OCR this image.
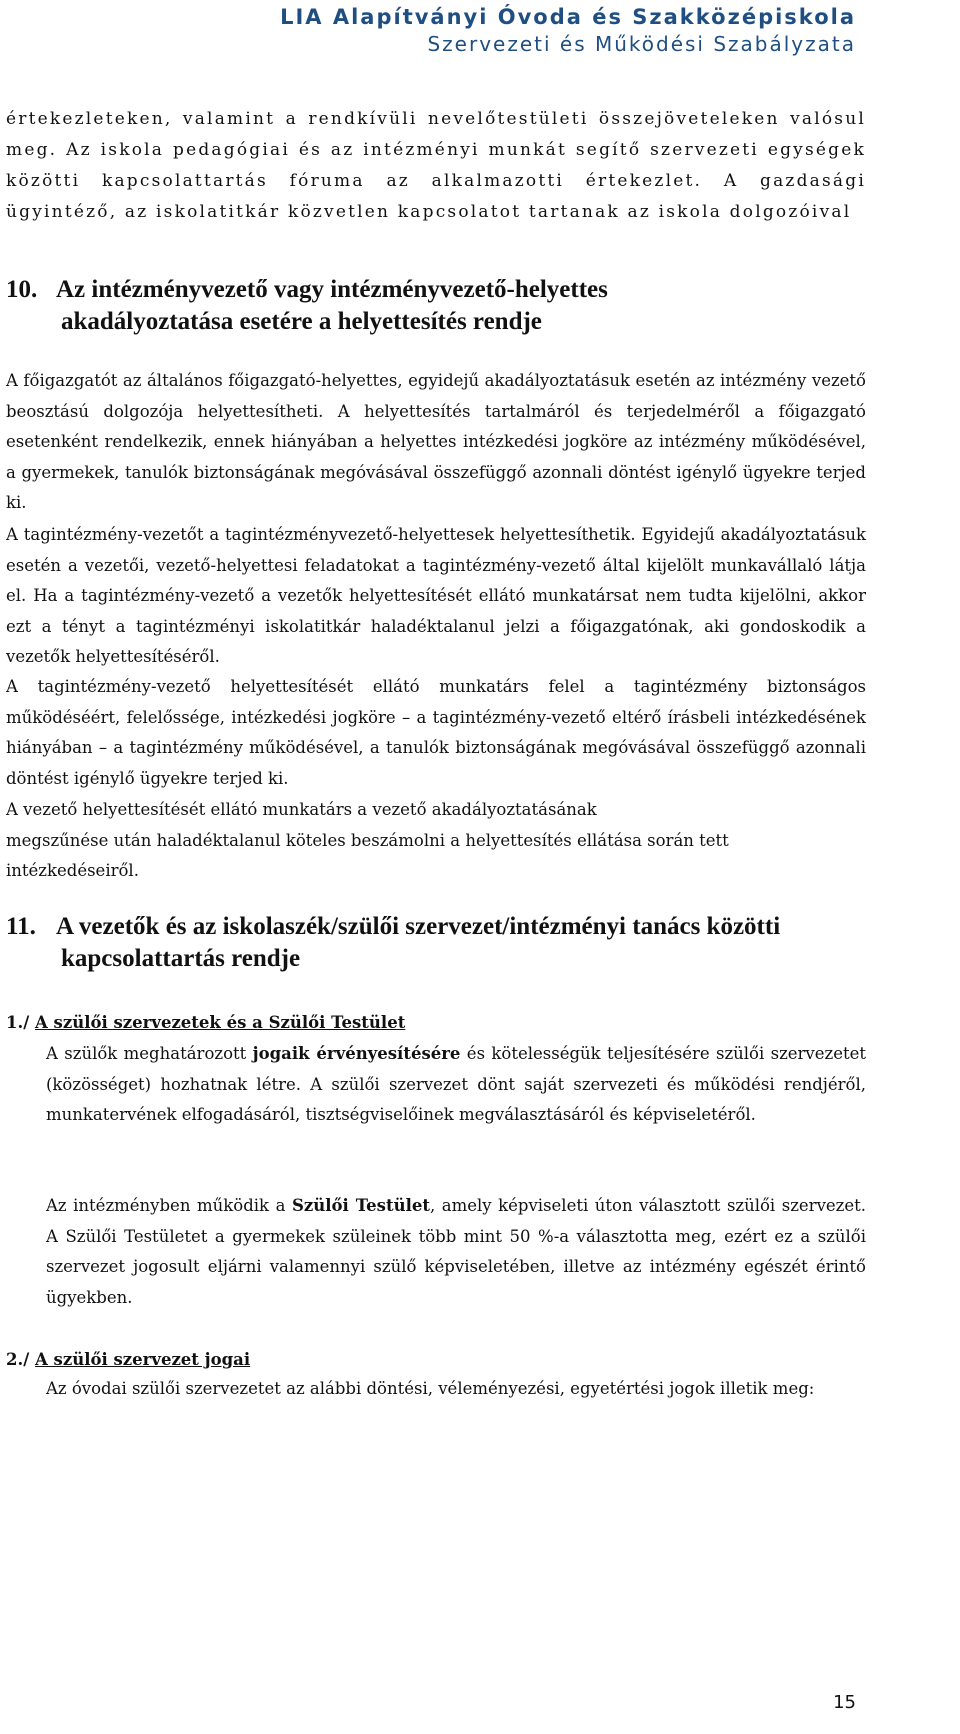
LIA Alapítványi Óvoda és Szakközépiskola
Szervezeti és Működési Szabályzata
értekezleteken, valamint a rendkívüli nevelőtestületi összejöveteleken valósul meg. Az iskola pedagógiai és az intézményi munkát segítő szervezeti egységek közötti kapcsolattartás fóruma az alkalmazotti értekezlet. A gazdasági ügyintéző, az iskolatitkár közvetlen kapcsolatot tartanak az iskola dolgozóival
10. Az intézményvezető vagy intézményvezető-helyettes
akadályoztatása esetére a helyettesítés rendje
A főigazgatót az általános főigazgató-helyettes, egyidejű akadályoztatásuk esetén az intézmény vezető beosztású dolgozója helyettesítheti. A helyettesítés tartalmáról és terjedelméről a főigazgató esetenként rendelkezik, ennek hiányában a helyettes intézkedési jogköre az intézmény működésével, a gyermekek, tanulók biztonságának megóvásával összefüggő azonnali döntést igénylő ügyekre terjed ki.
A tagintézmény-vezetőt a tagintézményvezető-helyettesek helyettesíthetik. Egyidejű akadályoztatásuk esetén a vezetői, vezető-helyettesi feladatokat a tagintézmény-vezető által kijelölt munkavállaló látja el. Ha a tagintézmény-vezető a vezetők helyettesítését ellátó munkatársat nem tudta kijelölni, akkor ezt a tényt a tagintézményi iskolatitkár haladéktalanul jelzi a főigazgatónak, aki gondoskodik a vezetők helyettesítéséről.
A tagintézmény-vezető helyettesítését ellátó munkatárs felel a tagintézmény biztonságos működéséért, felelőssége, intézkedési jogköre – a tagintézmény-vezető eltérő írásbeli intézkedésének hiányában – a tagintézmény működésével, a tanulók biztonságának megóvásával összefüggő azonnali döntést igénylő ügyekre terjed ki.
A vezető helyettesítését ellátó munkatárs a vezető akadályoztatásának
megszűnése után haladéktalanul köteles beszámolni a helyettesítés ellátása során tett
intézkedéseiről.
11. A vezetők és az iskolaszék/szülői szervezet/intézményi tanács közötti
kapcsolattartás rendje
1./ A szülői szervezetek és a Szülői Testület
A szülők meghatározott jogaik érvényesítésére és kötelességük teljesítésére szülői szervezetet (közösséget) hozhatnak létre. A szülői szervezet dönt saját szervezeti és működési rendjéről, munkatervének elfogadásáról, tisztségviselőinek megválasztásáról és képviseletéről.
Az intézményben működik a Szülői Testület, amely képviseleti úton választott szülői szervezet. A Szülői Testületet a gyermekek szüleinek több mint 50 %-a választotta meg, ezért ez a szülői szervezet jogosult eljárni valamennyi szülő képviseletében, illetve az intézmény egészét érintő ügyekben.
2./ A szülői szervezet jogai
Az óvodai szülői szervezetet az alábbi döntési, véleményezési, egyetértési jogok illetik meg:
15
